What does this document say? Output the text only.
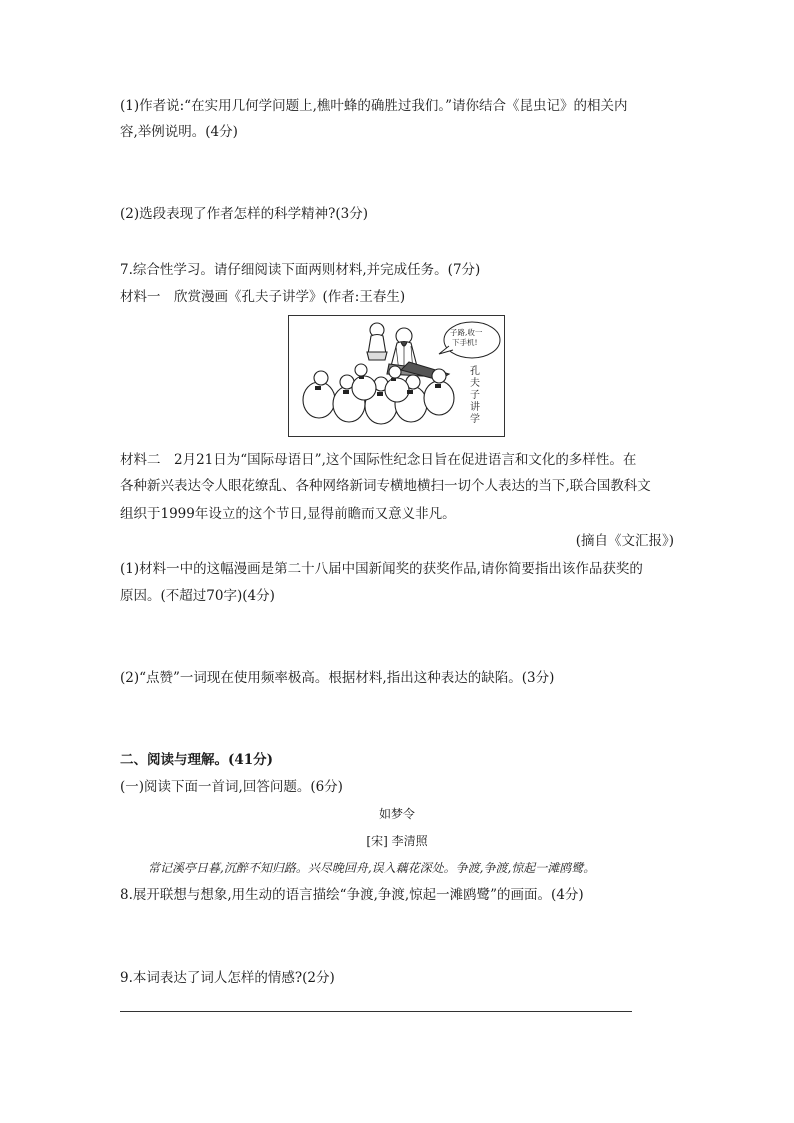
(1)作者说:“在实用几何学问题上,樵叶蜂的确胜过我们。”请你结合《昆虫记》的相关内
容,举例说明。(4分)
(2)选段表现了作者怎样的科学精神?(3分)
7.综合性学习。请仔细阅读下面两则材料,并完成任务。(7分)
材料一　欣赏漫画《孔夫子讲学》(作者:王春生)
子路,收一
下手机!
孔夫子讲学
材料二　2月21日为“国际母语日”,这个国际性纪念日旨在促进语言和文化的多样性。在
各种新兴表达令人眼花缭乱、各种网络新词专横地横扫一切个人表达的当下,联合国教科文
组织于1999年设立的这个节日,显得前瞻而又意义非凡。
(摘自《文汇报》)
(1)材料一中的这幅漫画是第二十八届中国新闻奖的获奖作品,请你简要指出该作品获奖的
原因。(不超过70字)(4分)
(2)“点赞”一词现在使用频率极高。根据材料,指出这种表达的缺陷。(3分)
二、阅读与理解。(41分)
(一)阅读下面一首词,回答问题。(6分)
如梦令
[宋] 李清照
常记溪亭日暮,沉醉不知归路。兴尽晚回舟,误入藕花深处。争渡,争渡,惊起一滩鸥鹭。
8.展开联想与想象,用生动的语言描绘“争渡,争渡,惊起一滩鸥鹭”的画面。(4分)
9.本词表达了词人怎样的情感?(2分)
